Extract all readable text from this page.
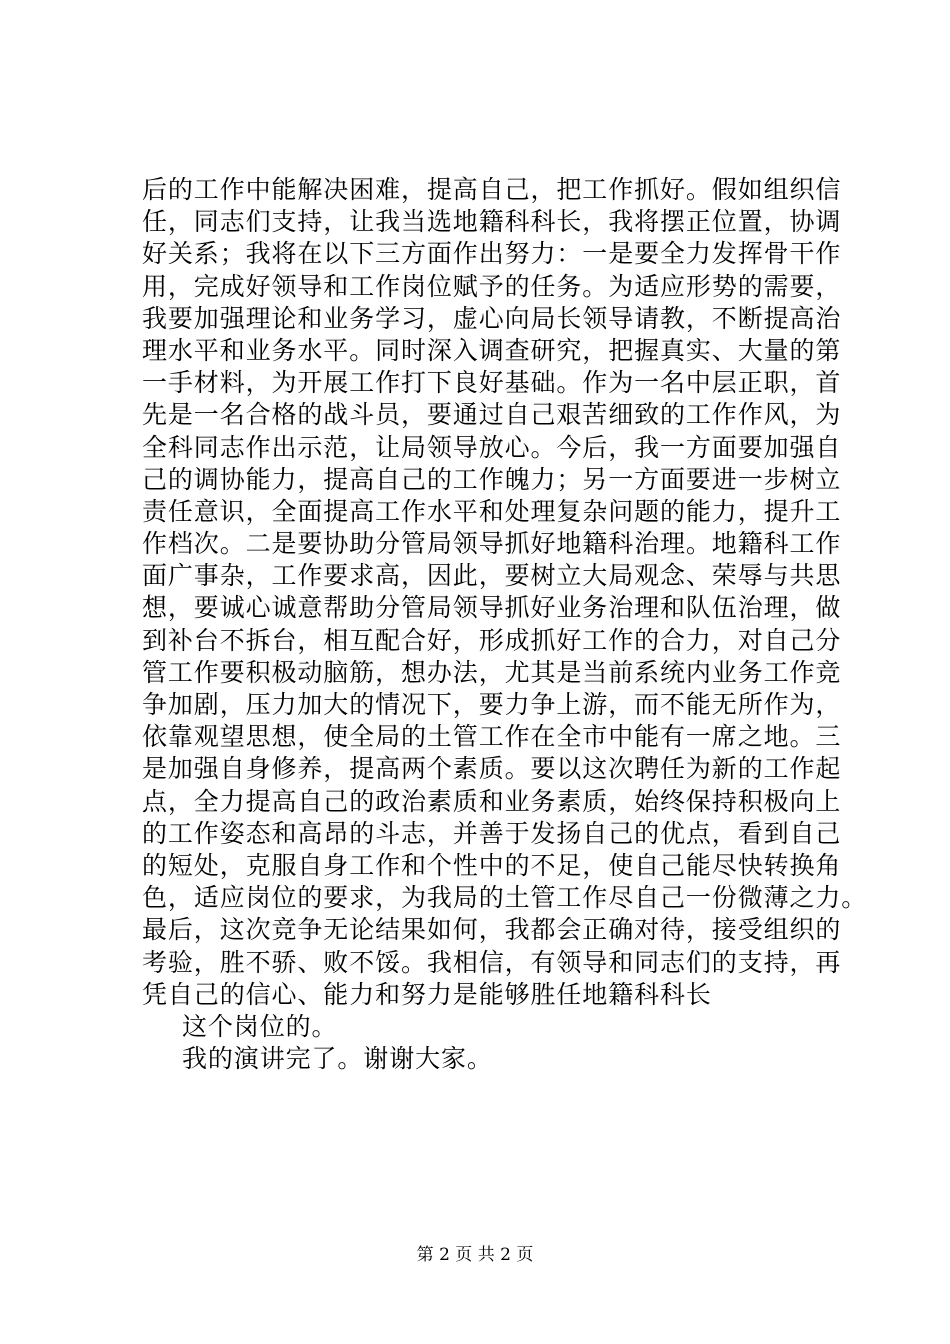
后的工作中能解决困难，提高自己，把工作抓好。假如组织信
任，同志们支持，让我当选地籍科科长，我将摆正位置，协调
好关系；我将在以下三方面作出努力：一是要全力发挥骨干作
用，完成好领导和工作岗位赋予的任务。为适应形势的需要，
我要加强理论和业务学习，虚心向局长领导请教，不断提高治
理水平和业务水平。同时深入调查研究，把握真实、大量的第
一手材料，为开展工作打下良好基础。作为一名中层正职，首
先是一名合格的战斗员，要通过自己艰苦细致的工作作风，为
全科同志作出示范，让局领导放心。今后，我一方面要加强自
己的调协能力，提高自己的工作魄力；另一方面要进一步树立
责任意识，全面提高工作水平和处理复杂问题的能力，提升工
作档次。二是要协助分管局领导抓好地籍科治理。地籍科工作
面广事杂，工作要求高，因此，要树立大局观念、荣辱与共思
想，要诚心诚意帮助分管局领导抓好业务治理和队伍治理，做
到补台不拆台，相互配合好，形成抓好工作的合力，对自己分
管工作要积极动脑筋，想办法，尤其是当前系统内业务工作竞
争加剧，压力加大的情况下，要力争上游，而不能无所作为，
依靠观望思想，使全局的土管工作在全市中能有一席之地。三
是加强自身修养，提高两个素质。要以这次聘任为新的工作起
点，全力提高自己的政治素质和业务素质，始终保持积极向上
的工作姿态和高昂的斗志，并善于发扬自己的优点，看到自己
的短处，克服自身工作和个性中的不足，使自己能尽快转换角
色，适应岗位的要求，为我局的土管工作尽自己一份微薄之力。
最后，这次竞争无论结果如何，我都会正确对待，接受组织的
考验，胜不骄、败不馁。我相信，有领导和同志们的支持，再
凭自己的信心、能力和努力是能够胜任地籍科科长
这个岗位的。
我的演讲完了。谢谢大家。
第 2 页 共 2 页
